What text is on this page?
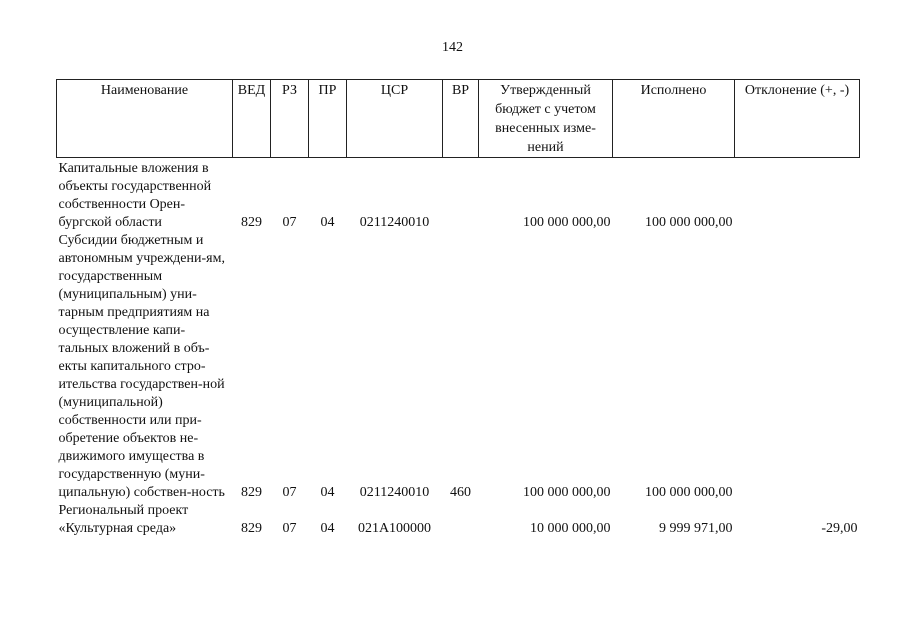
142
Наименование	ВЕД	РЗ	ПР	ЦСР	ВР	Утвержденный бюджет с учетом внесенных изме-нений	Исполнено	Отклонение (+, -)
Капитальные вложения в объекты государственной собственности Орен-бургской области	829	07	04	0211240010		100 000 000,00	100 000 000,00	
Субсидии бюджетным и автономным учреждени-ям, государственным (муниципальным) уни-тарным предприятиям на осуществление капи-тальных вложений в объ-екты капитального стро-ительства государствен-ной (муниципальной) собственности или при-обретение объектов не-движимого имущества в государственную (муни-ципальную) собствен-ность	829	07	04	0211240010	460	100 000 000,00	100 000 000,00	
Региональный проект «Культурная среда»	829	07	04	021A100000		10 000 000,00	9 999 971,00	-29,00
